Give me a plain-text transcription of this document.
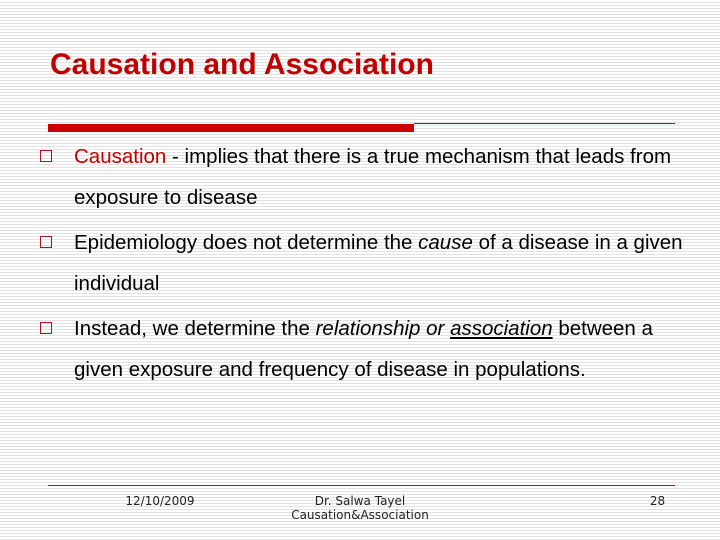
Causation and Association
Causation - implies that there is a true mechanism that leads from exposure to disease
Epidemiology does not determine the cause of a disease in a given individual
Instead, we determine the relationship or association between a given exposure and frequency of disease in populations.
12/10/2009	Dr. Salwa Tayel
Causation&Association
28
